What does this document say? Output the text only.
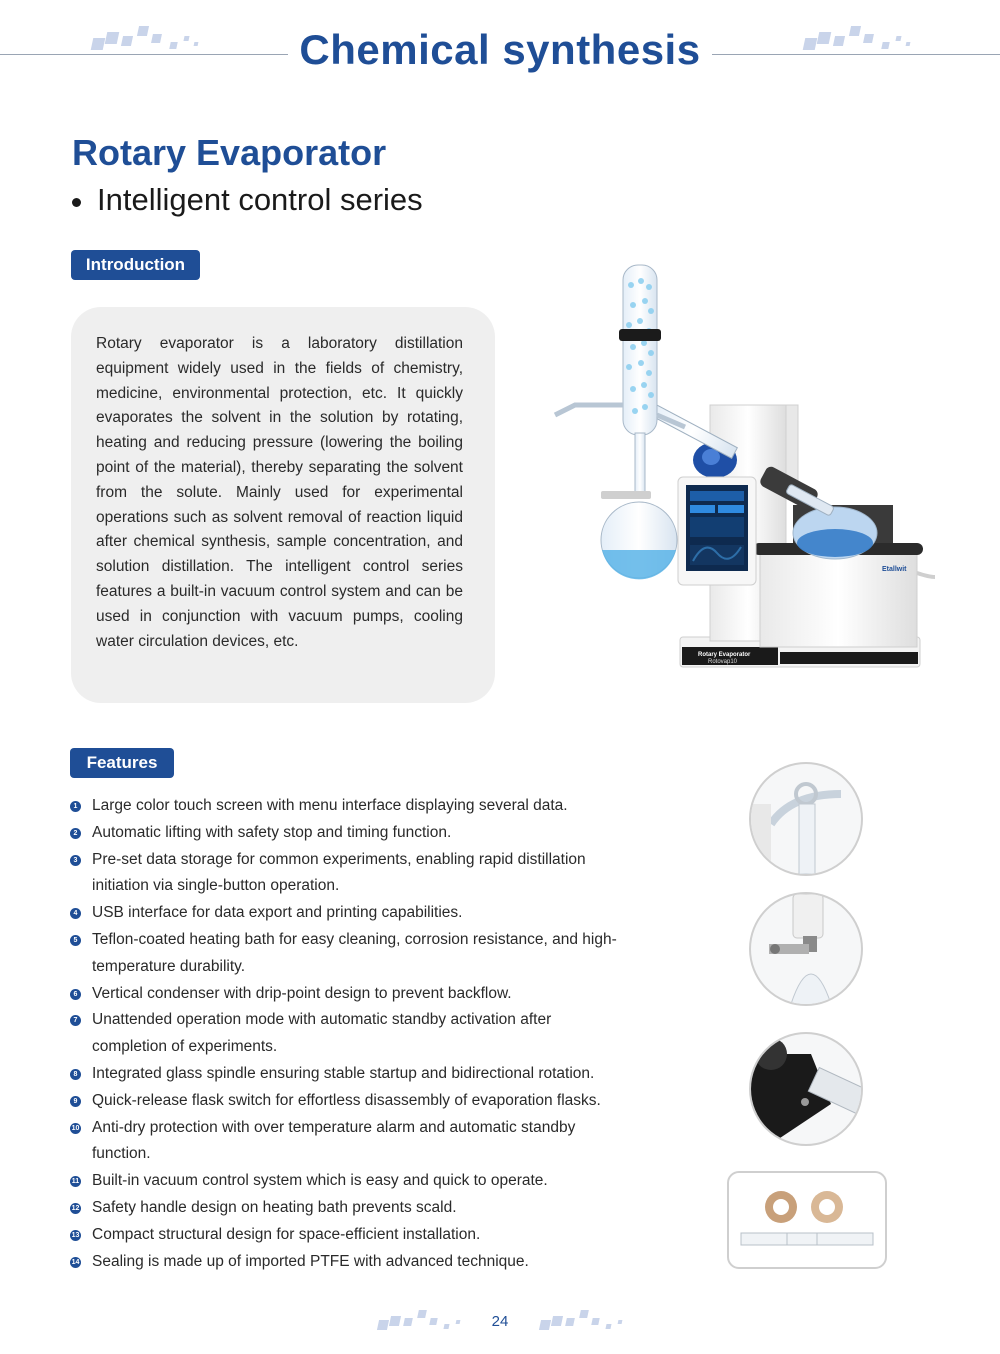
Chemical synthesis
Rotary Evaporator
Intelligent control series
Introduction
Rotary evaporator is a laboratory distillation equipment widely used in the fields of chemistry, medicine, environmental protection, etc. It quickly evaporates the solvent in the solution by rotating, heating and reducing pressure (lowering the boiling point of the material), thereby separating the solvent from the solute. Mainly used for experimental operations such as solvent removal of reaction liquid after chemical synthesis, sample concentration, and solution distillation. The intelligent control series features a built-in vacuum control system and can be used in conjunction with vacuum pumps, cooling water circulation devices, etc.
Rotary Evaporator
Rotovap10
Etallwit
Features
1 Large color touch screen with menu interface displaying several data.
2 Automatic lifting with safety stop and timing function.
3 Pre-set data storage for common experiments, enabling rapid distillation initiation via single-button operation.
4 USB interface for data export and printing capabilities.
5 Teflon-coated heating bath for easy cleaning, corrosion resistance, and high-temperature durability.
6 Vertical condenser with drip-point design to prevent backflow.
7 Unattended operation mode with automatic standby activation after completion of experiments.
8 Integrated glass spindle ensuring stable startup and bidirectional rotation.
9 Quick-release flask switch for effortless disassembly of evaporation flasks.
10 Anti-dry protection with over temperature alarm and automatic standby function.
11 Built-in vacuum control system which is easy and quick to operate.
12 Safety handle design on heating bath prevents scald.
13 Compact structural design for space-efficient installation.
14 Sealing is made up of imported PTFE with advanced technique.
24
